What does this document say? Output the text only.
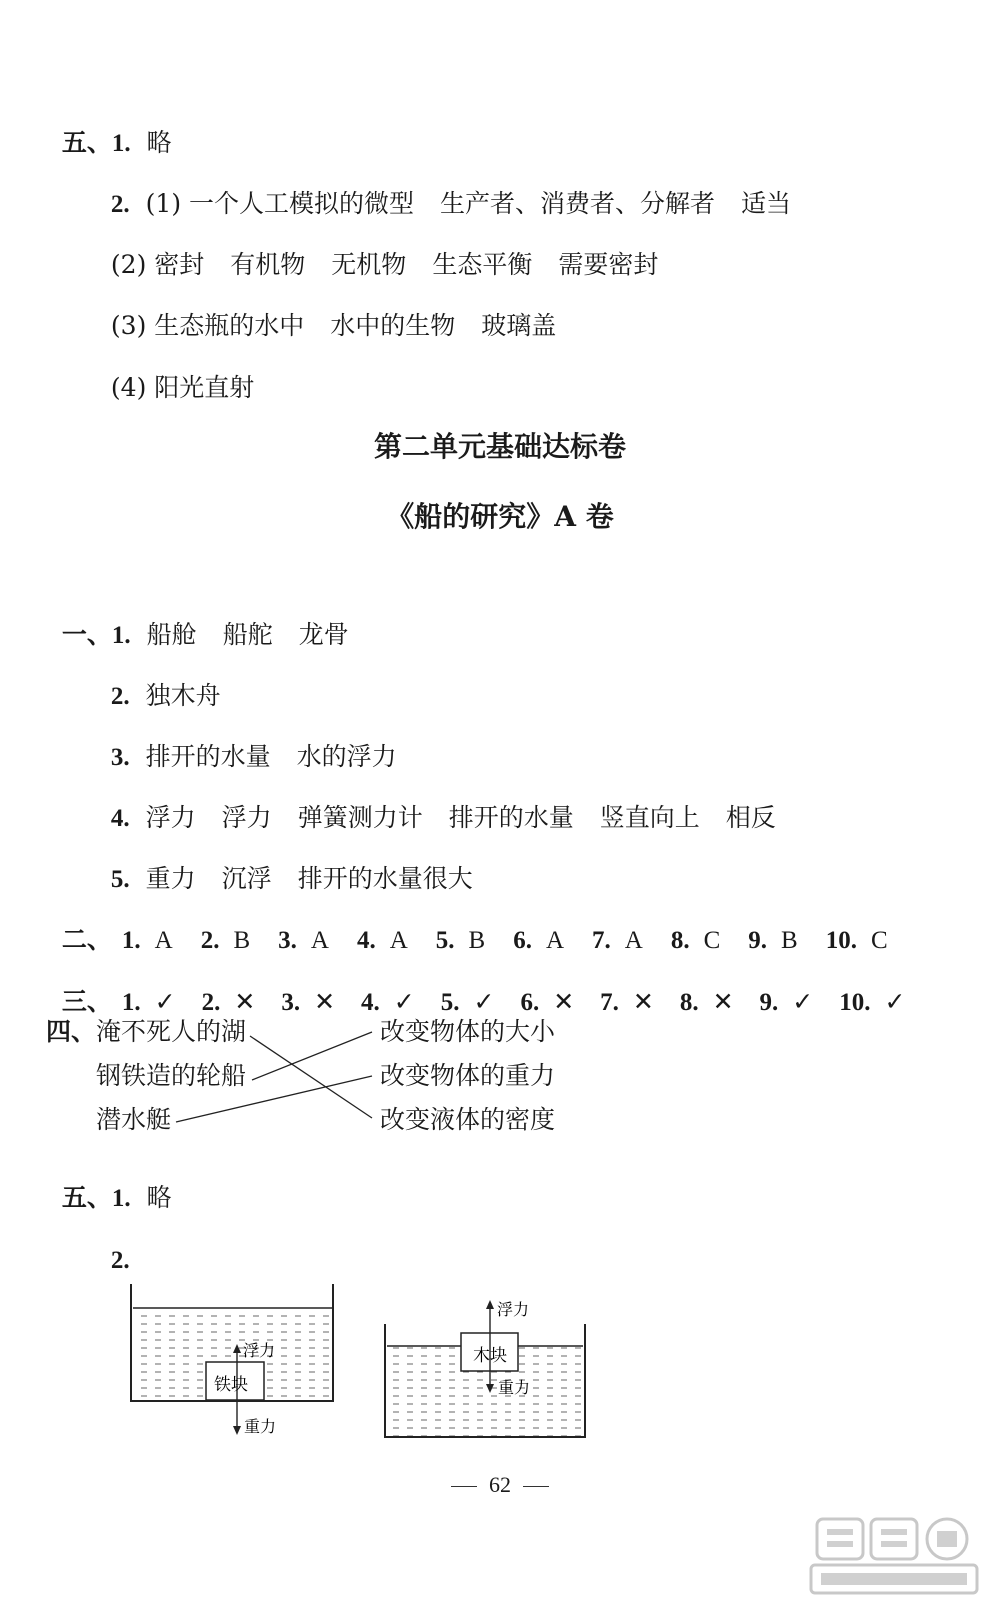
五、1. 略

2. (1) 一个人工模拟的微型 生产者、消费者、分解者 适当

(2) 密封 有机物 无机物 生态平衡 需要密封

(3) 生态瓶的水中 水中的生物 玻璃盖

(4) 阳光直射

第二单元基础达标卷
《船的研究》A 卷

一、1. 船舱 船舵 龙骨

2. 独木舟

3. 排开的水量 水的浮力

4. 浮力 浮力 弹簧测力计 排开的水量 竖直向上 相反

5. 重力 沉浮 排开的水量很大

二、 1. A 2. B 3. A 4. A 5. B 6. A 7. A 8. C 9. B 10. C

三、 1. ✓ 2. ✕ 3. ✕ 4. ✓ 5. ✓ 6. ✕ 7. ✕ 8. ✕ 9. ✓ 10. ✓

四、 淹不死人的湖
钢铁造的轮船
潜水艇
改变物体的大小
改变物体的重力
改变液体的密度

五、1. 略

2.

铁块
浮力
重力
木块
浮力
重力
62
